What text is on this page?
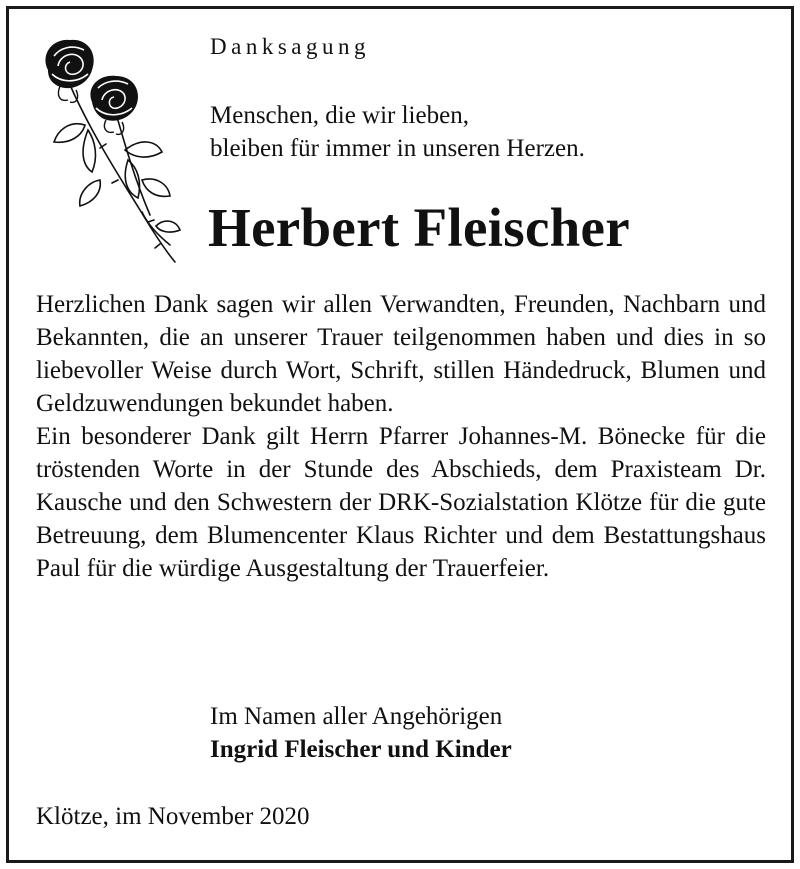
Danksagung
Menschen, die wir lieben,
bleiben für immer in unseren Herzen.
Herbert Fleischer
Herzlichen Dank sagen wir allen Verwandten, Freunden, Nachbarn und Bekannten, die an unserer Trauer teilgenommen haben und dies in so liebevoller Weise durch Wort, Schrift, stillen Händedruck, Blumen und Geldzuwendungen bekundet haben.
Ein besonderer Dank gilt Herrn Pfarrer Johannes-M. Bönecke für die tröstenden Worte in der Stunde des Abschieds, dem Praxisteam Dr. Kausche und den Schwestern der DRK-Sozialstation Klötze für die gute Betreuung, dem Blumencenter Klaus Richter und dem Bestattungshaus Paul für die würdige Ausgestaltung der Trauerfeier.
Im Namen aller Angehörigen
Ingrid Fleischer und Kinder
Klötze, im November 2020
